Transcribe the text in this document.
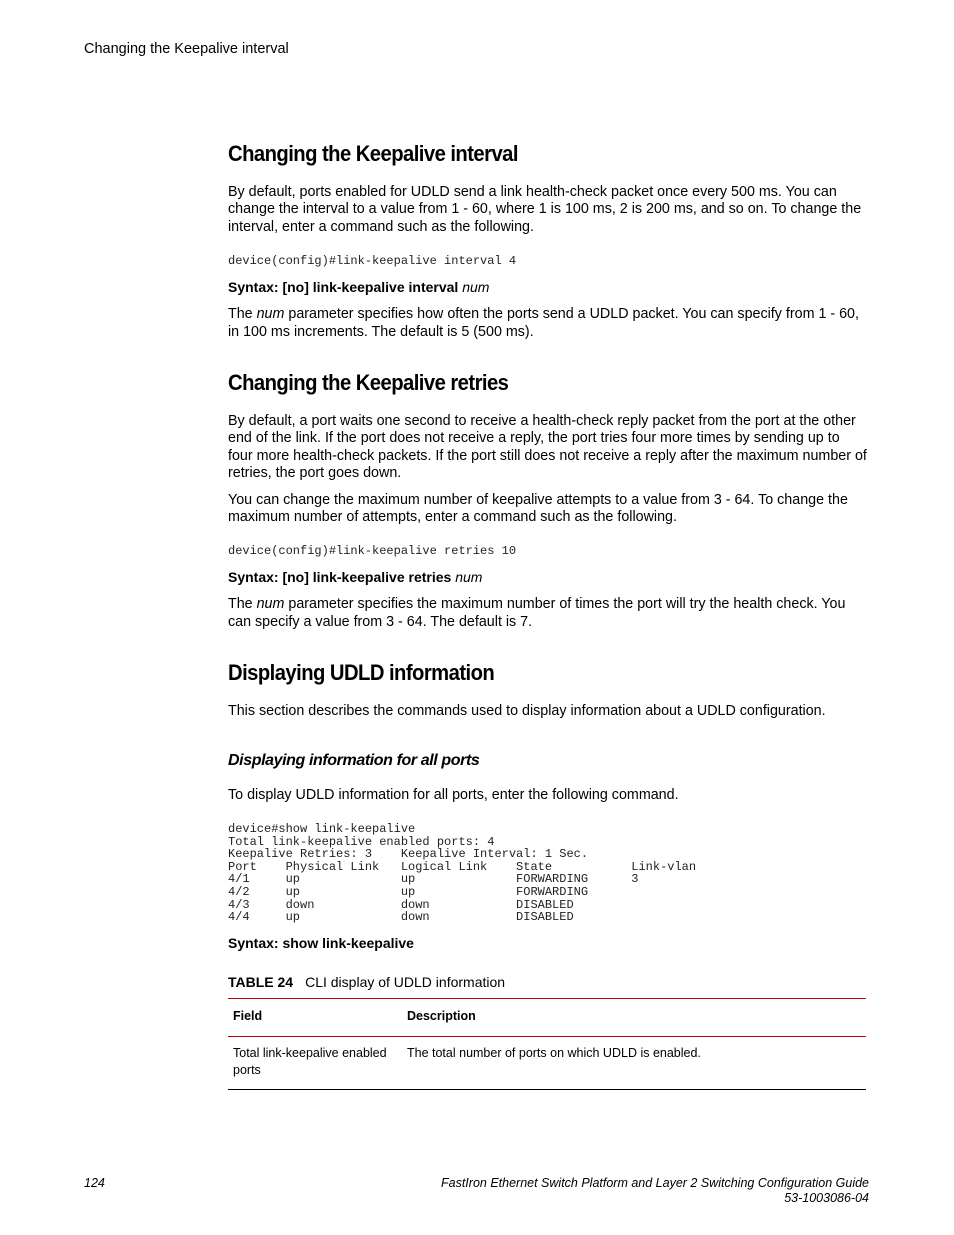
Changing the Keepalive interval
Changing the Keepalive interval

By default, ports enabled for UDLD send a link health-check packet once every 500 ms. You can change the interval to a value from 1 - 60, where 1 is 100 ms, 2 is 200 ms, and so on. To change the interval, enter a command such as the following.

device(config)#link-keepalive interval 4

Syntax: [no] link-keepalive interval num

The num parameter specifies how often the ports send a UDLD packet. You can specify from 1 - 60, in 100 ms increments. The default is 5 (500 ms).

Changing the Keepalive retries

By default, a port waits one second to receive a health-check reply packet from the port at the other end of the link. If the port does not receive a reply, the port tries four more times by sending up to four more health-check packets. If the port still does not receive a reply after the maximum number of retries, the port goes down.

You can change the maximum number of keepalive attempts to a value from 3 - 64. To change the maximum number of attempts, enter a command such as the following.

device(config)#link-keepalive retries 10

Syntax: [no] link-keepalive retries num

The num parameter specifies the maximum number of times the port will try the health check. You can specify a value from 3 - 64. The default is 7.

Displaying UDLD information

This section describes the commands used to display information about a UDLD configuration.

Displaying information for all ports

To display UDLD information for all ports, enter the following command.

device#show link-keepalive
Total link-keepalive enabled ports: 4
Keepalive Retries: 3    Keepalive Interval: 1 Sec.
Port    Physical Link   Logical Link    State           Link-vlan
4/1     up              up              FORWARDING      3
4/2     up              up              FORWARDING
4/3     down            down            DISABLED
4/4     up              down            DISABLED

Syntax: show link-keepalive

TABLE 24 CLI display of UDLD information

Field	Description
Total link-keepalive enabled ports	The total number of ports on which UDLD is enabled.
124	FastIron Ethernet Switch Platform and Layer 2 Switching Configuration Guide
53-1003086-04
